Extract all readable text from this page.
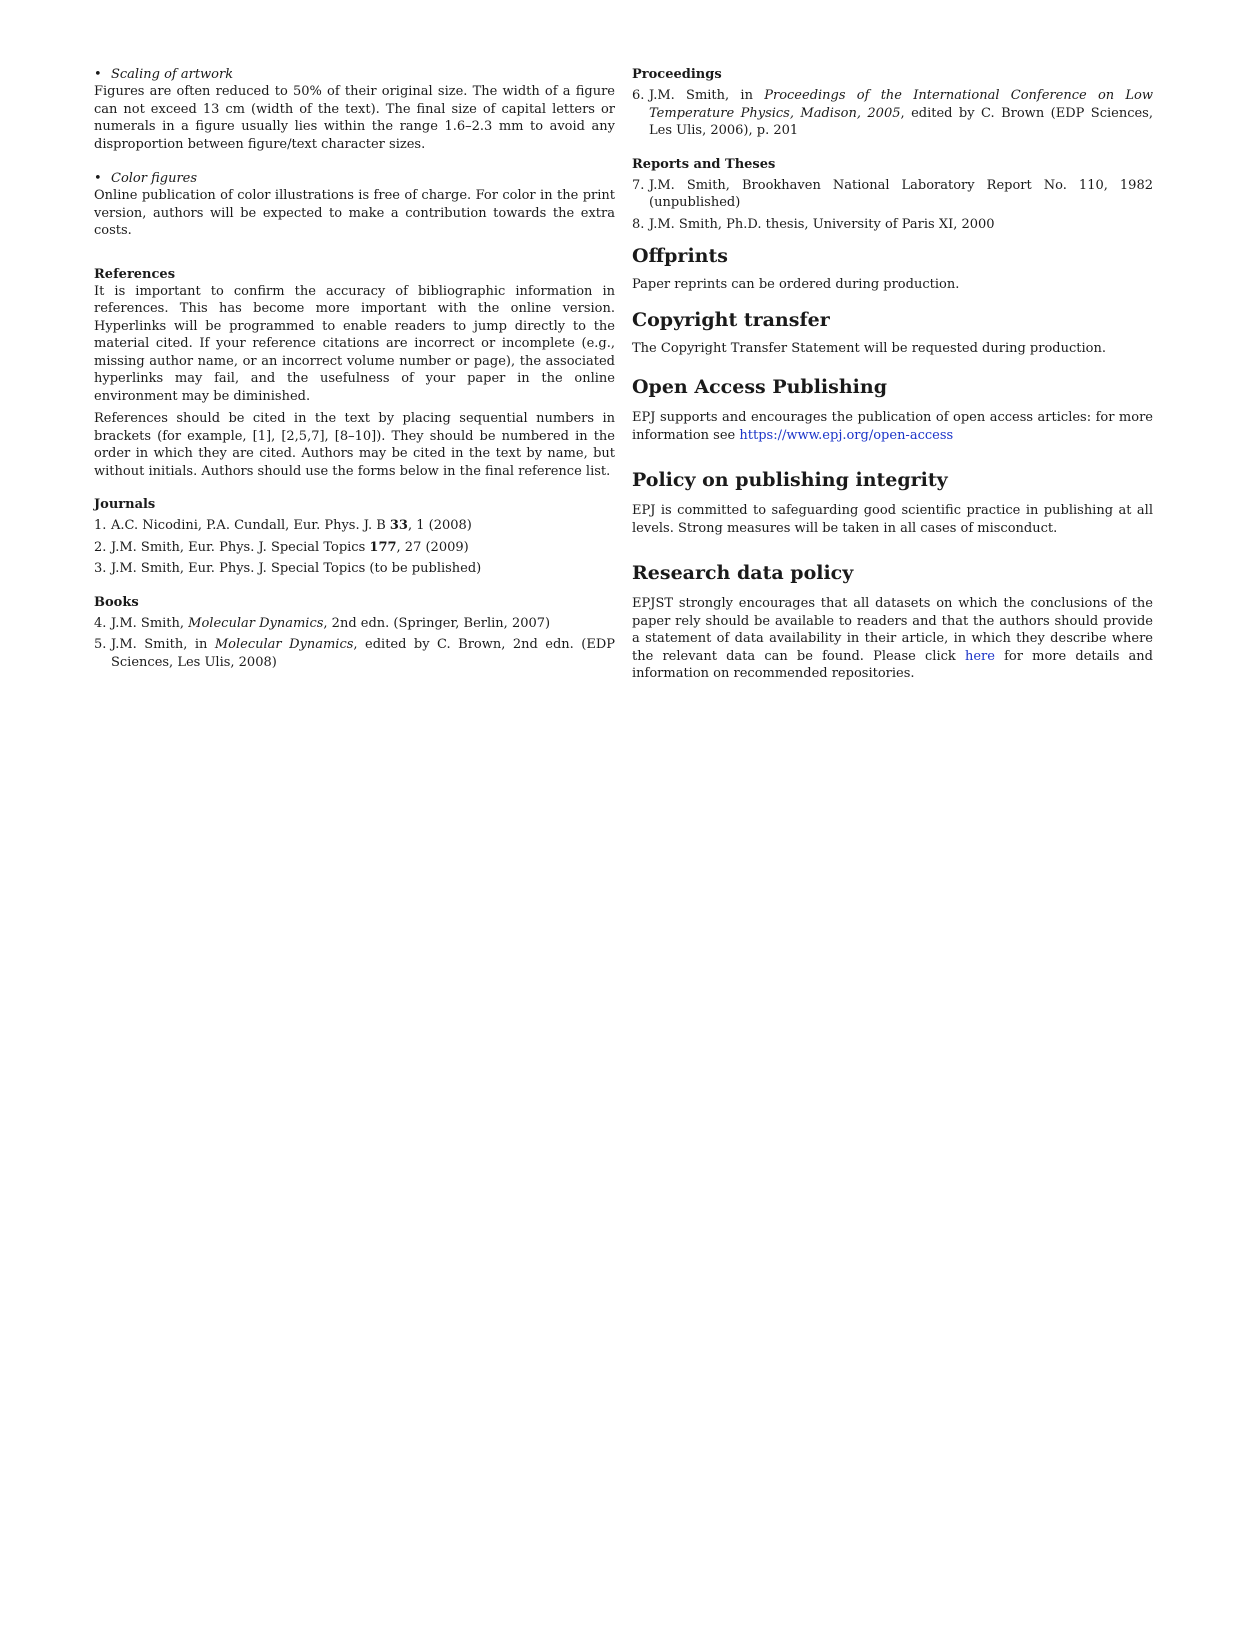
• Scaling of artwork

Figures are often reduced to 50% of their original size. The width of a figure can not exceed 13 cm (width of the text). The final size of capital letters or numerals in a figure usually lies within the range 1.6–2.3 mm to avoid any disproportion between figure/text character sizes.

• Color figures

Online publication of color illustrations is free of charge. For color in the print version, authors will be expected to make a contribution towards the extra costs.

References

It is important to confirm the accuracy of bibliographic information in references. This has become more important with the online version. Hyperlinks will be programmed to enable readers to jump directly to the material cited. If your reference citations are incorrect or incomplete (e.g., missing author name, or an incorrect volume number or page), the associated hyperlinks may fail, and the usefulness of your paper in the online environment may be diminished.

References should be cited in the text by placing sequential numbers in brackets (for example, [1], [2,5,7], [8–10]). They should be numbered in the order in which they are cited. Authors may be cited in the text by name, but without initials. Authors should use the forms below in the final reference list.

Journals
1. A.C. Nicodini, P.A. Cundall, Eur. Phys. J. B 33, 1 (2008)
2. J.M. Smith, Eur. Phys. J. Special Topics 177, 27 (2009)
3. J.M. Smith, Eur. Phys. J. Special Topics (to be published)
Books
4. J.M. Smith, Molecular Dynamics, 2nd edn. (Springer, Berlin, 2007)
5. J.M. Smith, in Molecular Dynamics, edited by C. Brown, 2nd edn. (EDP Sciences, Les Ulis, 2008)
Proceedings
6. J.M. Smith, in Proceedings of the International Conference on Low Temperature Physics, Madison, 2005, edited by C. Brown (EDP Sciences, Les Ulis, 2006), p. 201
Reports and Theses
7. J.M. Smith, Brookhaven National Laboratory Report No. 110, 1982 (unpublished)
8. J.M. Smith, Ph.D. thesis, University of Paris XI, 2000
Offprints

Paper reprints can be ordered during production.

Copyright transfer

The Copyright Transfer Statement will be requested during production.

Open Access Publishing

EPJ supports and encourages the publication of open access articles: for more information see https://www.epj.org/open-access

Policy on publishing integrity

EPJ is committed to safeguarding good scientific practice in publishing at all levels. Strong measures will be taken in all cases of misconduct.

Research data policy

EPJST strongly encourages that all datasets on which the conclusions of the paper rely should be available to readers and that the authors should provide a statement of data availability in their article, in which they describe where the relevant data can be found. Please click here for more details and information on recommended repositories.
